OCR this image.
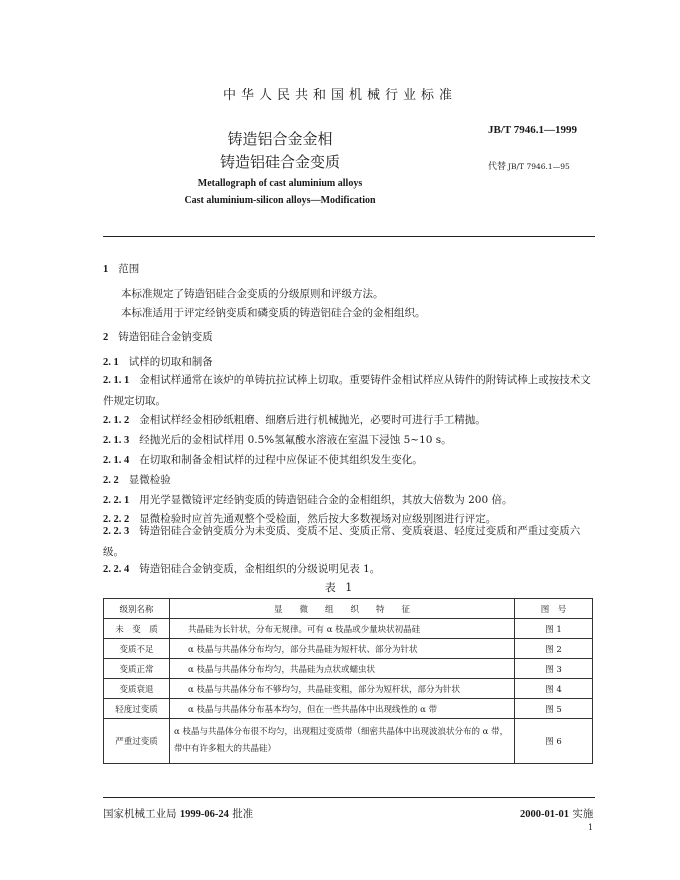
中华人民共和国机械行业标准
铸造铝合金金相
铸造铝硅合金变质
Metallograph of cast aluminium alloys
Cast aluminium-silicon alloys—Modification
JB/T 7946.1—1999
代替 JB/T 7946.1—95
1 范围
本标准规定了铸造铝硅合金变质的分级原则和评级方法。
本标准适用于评定经钠变质和磷变质的铸造铝硅合金的金相组织。
2 铸造铝硅合金钠变质
2. 1 试样的切取和制备
2. 1. 1 金相试样通常在该炉的单铸抗拉试棒上切取。重要铸件金相试样应从铸件的附铸试棒上或按技术文件规定切取。
2. 1. 2 金相试样经金相砂纸粗磨、细磨后进行机械抛光，必要时可进行手工精抛。
2. 1. 3 经抛光后的金相试样用 0.5%氢氟酸水溶液在室温下浸蚀 5~10 s。
2. 1. 4 在切取和制备金相试样的过程中应保证不使其组织发生变化。
2. 2 显微检验
2. 2. 1 用光学显微镜评定经钠变质的铸造铝硅合金的金相组织，其放大倍数为 200 倍。
2. 2. 2 显微检验时应首先通观整个受检面，然后按大多数视场对应级别图进行评定。
2. 2. 3 铸造铝硅合金钠变质分为未变质、变质不足、变质正常、变质衰退、轻度过变质和严重过变质六级。
2. 2. 4 铸造铝硅合金钠变质，金相组织的分级说明见表 1。
表 1
级别名称	显　　微　　组　　织　　特　　征	图　号
未　变　质	共晶硅为长针状，分布无规律。可有 α 枝晶或少量块状初晶硅	图 1
变质不足	α 枝晶与共晶体分布均匀，部分共晶硅为短杆状、部分为针状	图 2
变质正常	α 枝晶与共晶体分布均匀，共晶硅为点状或蠕虫状	图 3
变质衰退	α 枝晶与共晶体分布不够均匀，共晶硅变粗，部分为短杆状，部分为针状	图 4
轻度过变质	α 枝晶与共晶体分布基本均匀，但在一些共晶体中出现线性的 α 带	图 5
严重过变质	α 枝晶与共晶体分布很不均匀，出现粗过变质带（细密共晶体中出现波浪状分布的 α 带，带中有许多粗大的共晶硅）	图 6
国家机械工业局 1999-06-24 批准	2000-01-01 实施
1
